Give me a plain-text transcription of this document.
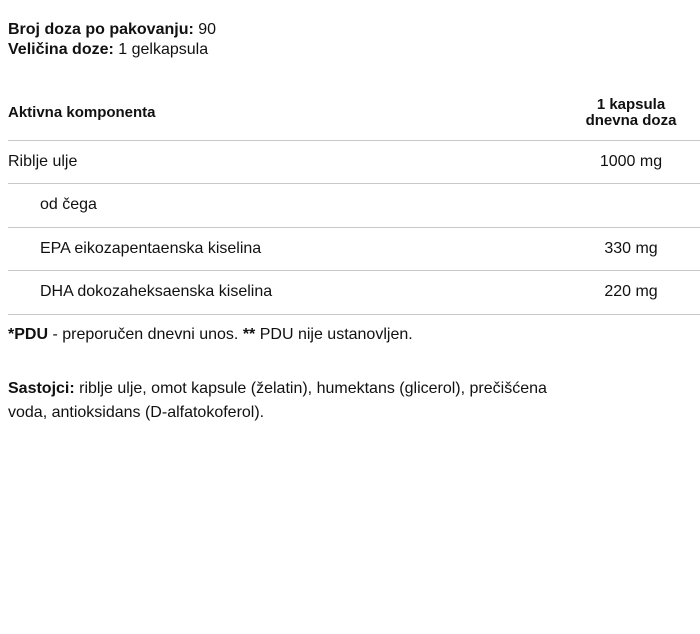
Broj doza po pakovanju: 90
Veličina doze: 1 gelkapsula
Aktivna komponenta	1 kapsula
dnevna doza

Riblje ulje	1000 mg
od čega	
EPA eikozapentaenska kiselina	330 mg
DHA dokozaheksaenska kiselina	220 mg
*PDU - preporučen dnevni unos. ** PDU nije ustanovljen.
Sastojci: riblje ulje, omot kapsule (želatin), humektans (glicerol), prečišćena voda, antioksidans (D-alfatokoferol).
